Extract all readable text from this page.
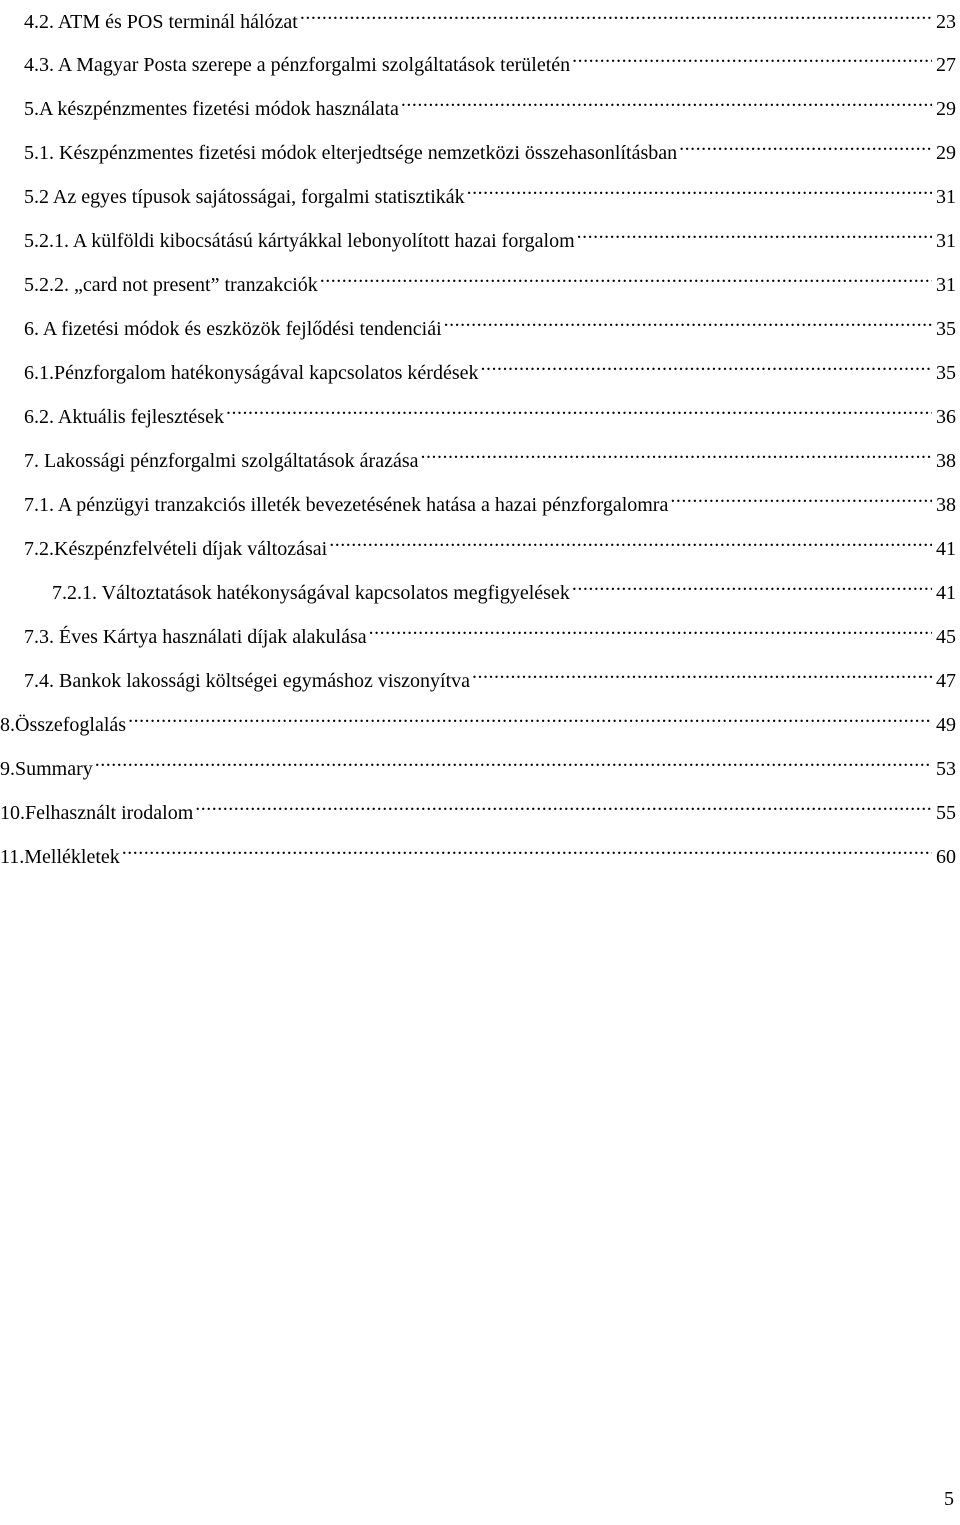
4.2. ATM és POS terminál hálózat .....	23
4.3. A Magyar Posta szerepe a pénzforgalmi szolgáltatások területén .....	27
5.A készpénzmentes fizetési módok használata .....	29
5.1. Készpénzmentes fizetési módok elterjedtsége nemzetközi összehasonlításban .....	29
5.2 Az egyes típusok sajátosságai, forgalmi statisztikák .....	31
5.2.1. A külföldi kibocsátású kártyákkal lebonyolított hazai forgalom .....	31
5.2.2. „card not present” tranzakciók .....	31
6. A fizetési módok és eszközök fejlődési tendenciái .....	35
6.1.Pénzforgalom hatékonyságával kapcsolatos kérdések .....	35
6.2. Aktuális fejlesztések .....	36
7. Lakossági pénzforgalmi szolgáltatások árazása .....	38
7.1. A pénzügyi tranzakciós illeték bevezetésének hatása a hazai pénzforgalomra .....	38
7.2.Készpénzfelvételi díjak változásai .....	41
7.2.1. Változtatások hatékonyságával kapcsolatos megfigyelések .....	41
7.3. Éves Kártya használati díjak alakulása .....	45
7.4. Bankok lakossági költségei egymáshoz viszonyítva .....	47
8.Összefoglalás .....	49
9.Summary .....	53
10.Felhasznált irodalom .....	55
11.Mellékletek .....	60
5
